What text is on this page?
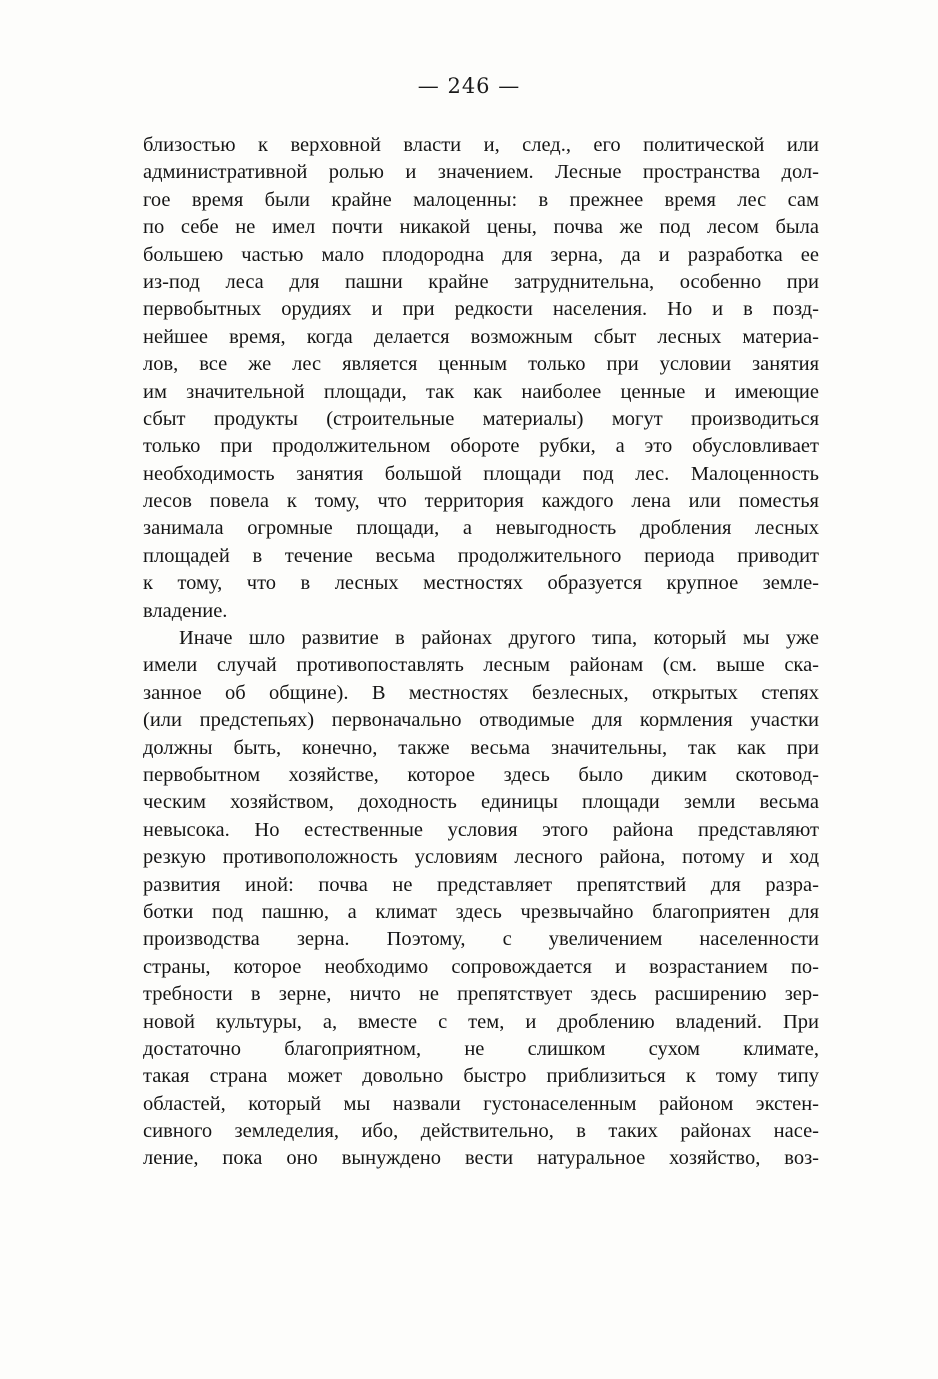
— 246 —
близостью к верховной власти и, след., его политической или
административной ролью и значением. Лесные пространства дол-
гое время были крайне малоценны: в прежнее время лес сам
по себе не имел почти никакой цены, почва же под лесом была
большею частью мало плодородна для зерна, да и разработка ее
из-под леса для пашни крайне затруднительна, особенно при
первобытных орудиях и при редкости населения. Но и в позд-
нейшее время, когда делается возможным сбыт лесных материа-
лов, все же лес является ценным только при условии занятия
им значительной площади, так как наиболее ценные и имеющие
сбыт продукты (строительные материалы) могут производиться
только при продолжительном обороте рубки, а это обусловливает
необходимость занятия большой площади под лес. Малоценность
лесов повела к тому, что территория каждого лена или поместья
занимала огромные площади, а невыгодность дробления лесных
площадей в течение весьма продолжительного периода приводит
к тому, что в лесных местностях образуется крупное земле-
владение.
Иначе шло развитие в районах другого типа, который мы уже
имели случай противопоставлять лесным районам (см. выше ска-
занное об общине). В местностях безлесных, открытых степях
(или предстепьях) первоначально отводимые для кормления участки
должны быть, конечно, также весьма значительны, так как при
первобытном хозяйстве, которое здесь было диким скотовод-
ческим хозяйством, доходность единицы площади земли весьма
невысока. Но естественные условия этого района представляют
резкую противоположность условиям лесного района, потому и ход
развития иной: почва не представляет препятствий для разра-
ботки под пашню, а климат здесь чрезвычайно благоприятен для
производства зерна. Поэтому, с увеличением населенности
страны, которое необходимо сопровождается и возрастанием по-
требности в зерне, ничто не препятствует здесь расширению зер-
новой культуры, а, вместе с тем, и дроблению владений. При
достаточно благоприятном, не слишком сухом климате,
такая страна может довольно быстро приблизиться к тому типу
областей, который мы назвали густонаселенным районом экстен-
сивного земледелия, ибо, действительно, в таких районах насе-
ление, пока оно вынуждено вести натуральное хозяйство, воз-
